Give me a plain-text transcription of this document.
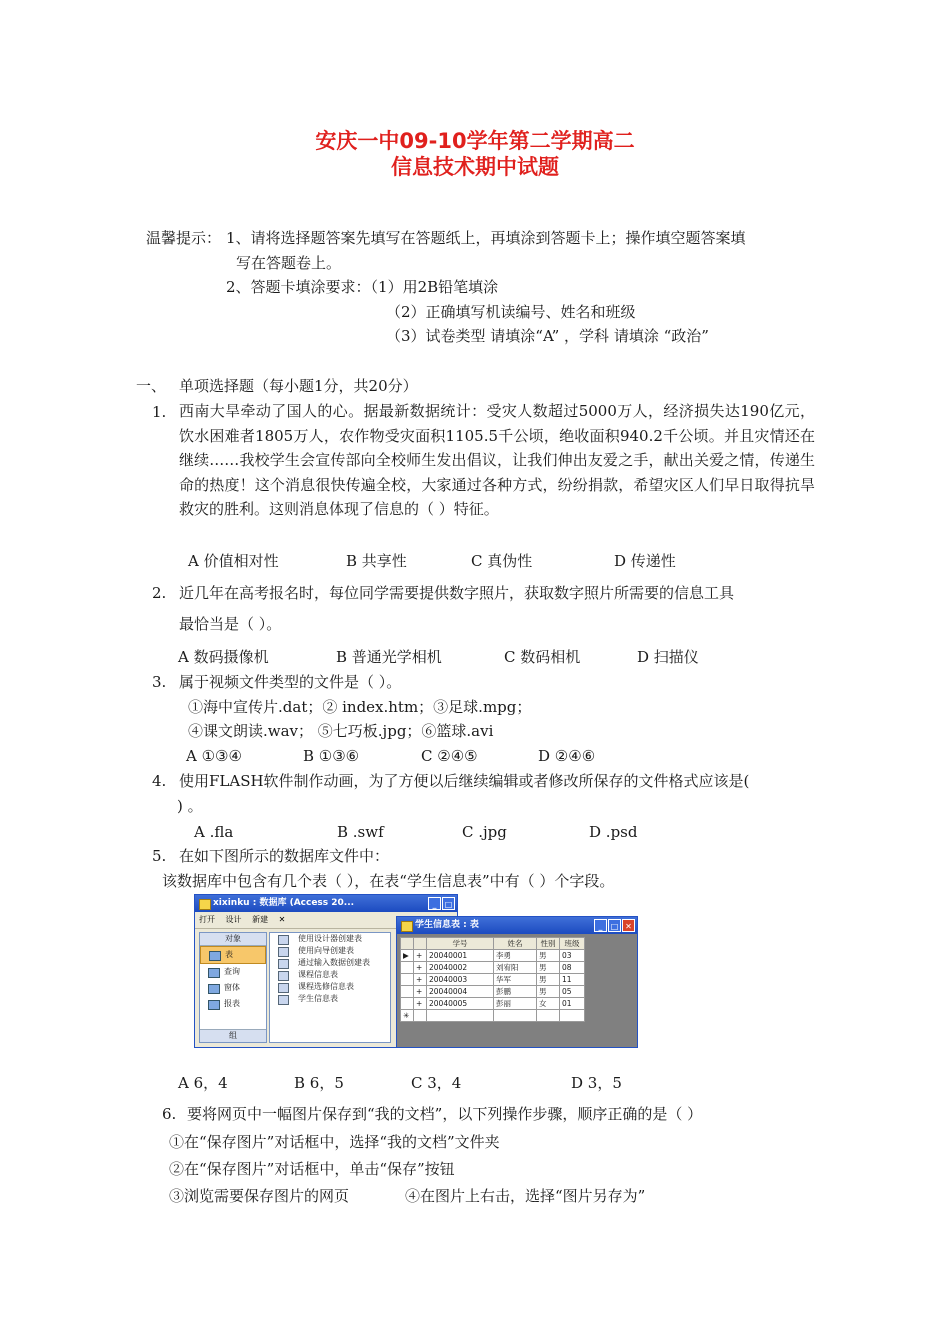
安庆一中09-10学年第二学期高二
信息技术期中试题
温馨提示： 1、请将选择题答案先填写在答题纸上，再填涂到答题卡上；操作填空题答案填
写在答题卷上。
2、答题卡填涂要求：（1）用2B铅笔填涂
（2）正确填写机读编号、姓名和班级
（3）试卷类型 请填涂“A” ，学科 请填涂 “政治”
一、 单项选择题（每小题1分，共20分）
1. 西南大旱牵动了国人的心。据最新数据统计：受灾人数超过5000万人，经济损失达190亿元，饮水困难者1805万人，农作物受灾面积1105.5千公顷，绝收面积940.2千公顷。并且灾情还在继续……我校学生会宣传部向全校师生发出倡议，让我们伸出友爱之手，献出关爱之情，传递生命的热度！这个消息很快传遍全校，大家通过各种方式，纷纷捐款，希望灾区人们早日取得抗旱救灾的胜利。这则消息体现了信息的（ ）特征。
A 价值相对性	B 共享性	C 真伪性	D 传递性
2. 近几年在高考报名时，每位同学需要提供数字照片，获取数字照片所需要的信息工具
最恰当是（ ）。
A 数码摄像机	B 普通光学相机	C 数码相机	D 扫描仪
3. 属于视频文件类型的文件是（ ）。
①海中宣传片.dat；② index.htm；③足球.mpg；
④课文朗读.wav； ⑤七巧板.jpg；⑥篮球.avi
A ①③④	B ①③⑥	C ②④⑤	D ②④⑥
4. 使用FLASH软件制作动画，为了方便以后继续编辑或者修改所保存的文件格式应该是(
) 。
A .fla	B .swf	C .jpg	D .psd
5. 在如下图所示的数据库文件中：
该数据库中包含有几个表（ ），在表“学生信息表”中有（ ）个字段。
xixinku : 数据库 (Access 20...	_	□
打开 设计 新建 ✕
对象
表
查询
窗体
报表
组
使用设计器创建表
使用向导创建表
通过输入数据创建表
课程信息表
课程选修信息表
学生信息表
学生信息表 : 表	_	□ ✕
		学号	姓名	性别	班级
▶	+	20040001	李勇	男	03
	+	20040002	刘宥阳	男	08
	+	20040003	华军	男	11
	+	20040004	彭鹏	男	05
	+	20040005	彭丽	女	01
✳					
A 6，4	B 6，5	C 3，4	D 3，5
6. 要将网页中一幅图片保存到“我的文档”，以下列操作步骤，顺序正确的是（ ）
①在“保存图片”对话框中，选择“我的文档”文件夹
②在“保存图片”对话框中，单击“保存”按钮
③浏览需要保存图片的网页	④在图片上右击，选择“图片另存为”
